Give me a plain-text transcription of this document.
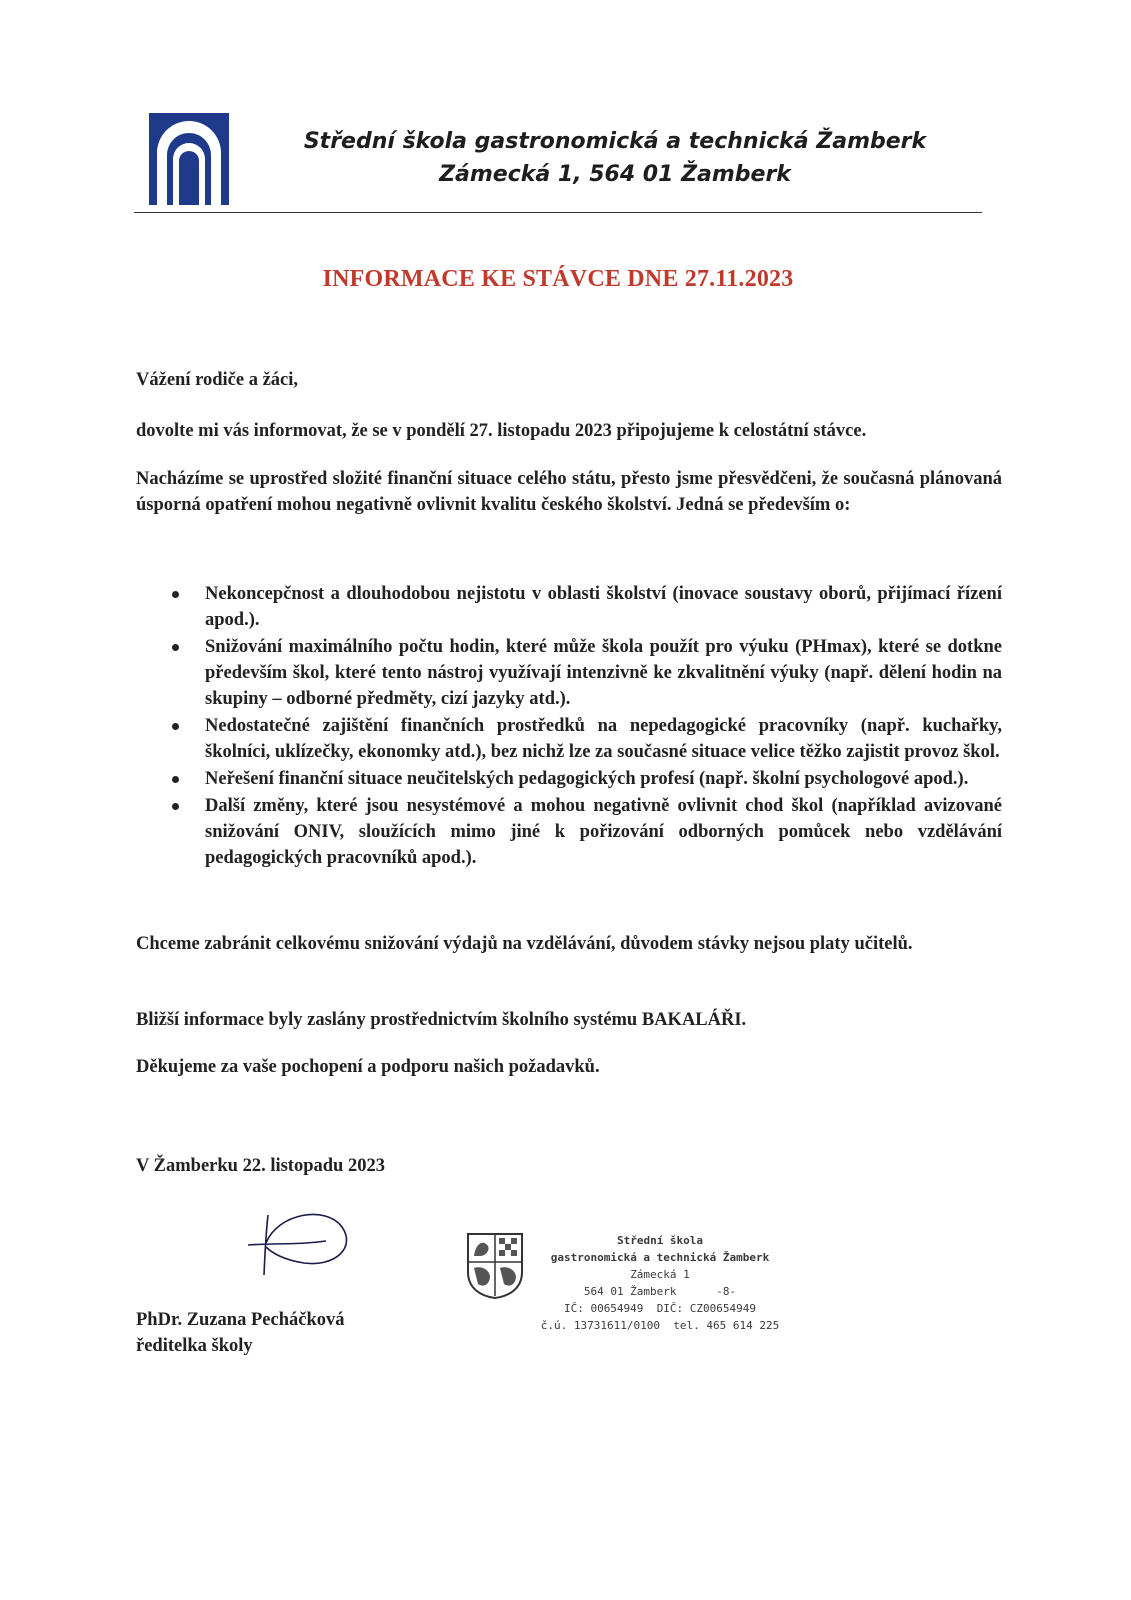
Střední škola gastronomická a technická Žamberk
Zámecká 1, 564 01 Žamberk
INFORMACE KE STÁVCE DNE 27.11.2023
Vážení rodiče a žáci,
dovolte mi vás informovat, že se v pondělí 27. listopadu 2023 připojujeme k celostátní stávce.
Nacházíme se uprostřed složité finanční situace celého státu, přesto jsme přesvědčeni, že současná plánovaná úsporná opatření mohou negativně ovlivnit kvalitu českého školství. Jedná se především o:
Nekoncepčnost a dlouhodobou nejistotu v oblasti školství (inovace soustavy oborů, přijímací řízení apod.).
Snižování maximálního počtu hodin, které může škola použít pro výuku (PHmax), které se dotkne především škol, které tento nástroj využívají intenzivně ke zkvalitnění výuky (např. dělení hodin na skupiny – odborné předměty, cizí jazyky atd.).
Nedostatečné zajištění finančních prostředků na nepedagogické pracovníky (např. kuchařky, školníci, uklízečky, ekonomky atd.), bez nichž lze za současné situace velice těžko zajistit provoz škol.
Neřešení finanční situace neučitelských pedagogických profesí (např. školní psychologové apod.).
Další změny, které jsou nesystémové a mohou negativně ovlivnit chod škol (například avizované snižování ONIV, sloužících mimo jiné k pořizování odborných pomůcek nebo vzdělávání pedagogických pracovníků apod.).
Chceme zabránit celkovému snižování výdajů na vzdělávání, důvodem stávky nejsou platy učitelů.
Bližší informace byly zaslány prostřednictvím školního systému BAKALÁŘI.
Děkujeme za vaše pochopení a podporu našich požadavků.
V Žamberku 22. listopadu 2023
PhDr. Zuzana Pecháčková
ředitelka školy
Střední škola
gastronomická a technická Žamberk
Zámecká 1
564 01 Žamberk	-8-
IČ: 00654949 DIČ: CZ00654949
č.ú. 13731611/0100 tel. 465 614 225
